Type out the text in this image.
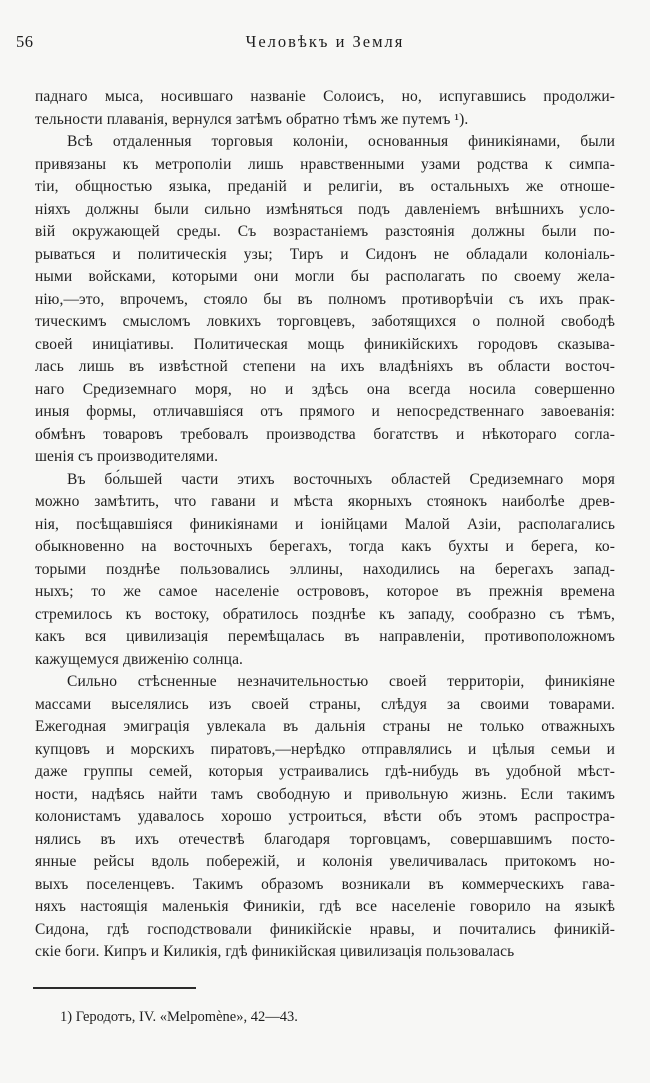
56	Человѣкъ и Земля
паднаго мыса, носившаго названіе Солоисъ, но, испугавшись продолжи-
тельности плаванія, вернулся затѣмъ обратно тѣмъ же путемъ ¹).
Всѣ отдаленныя торговыя колоніи, основанныя финикіянами, были
привязаны къ метрополіи лишь нравственными узами родства к симпа-
тіи, общностью языка, преданій и религіи, въ остальныхъ же отноше-
ніяхъ должны были сильно измѣняться подъ давленіемъ внѣшнихъ усло-
вій окружающей среды. Съ возрастаніемъ разстоянія должны были по-
рываться и политическія узы; Тиръ и Сидонъ не обладали колоніаль-
ными войсками, которыми они могли бы располагать по своему жела-
нію,—это, впрочемъ, стояло бы въ полномъ противорѣчіи съ ихъ прак-
тическимъ смысломъ ловкихъ торговцевъ, заботящихся о полной свободѣ
своей иниціативы. Политическая мощь финикійскихъ городовъ сказыва-
лась лишь въ извѣстной степени на ихъ владѣніяхъ въ области восточ-
наго Средиземнаго моря, но и здѣсь она всегда носила совершенно
иныя формы, отличавшіяся отъ прямого и непосредственнаго завоеванія:
обмѣнъ товаровъ требовалъ производства богатствъ и нѣкотораго согла-
шенія съ производителями.
Въ бо́льшей части этихъ восточныхъ областей Средиземнаго моря
можно замѣтить, что гавани и мѣста якорныхъ стоянокъ наиболѣе древ-
нія, посѣщавшіяся финикіянами и іонійцами Малой Азіи, располагались
обыкновенно на восточныхъ берегахъ, тогда какъ бухты и берега, ко-
торыми позднѣе пользовались эллины, находились на берегахъ запад-
ныхъ; то же самое населеніе острововъ, которое въ прежнія времена
стремилось къ востоку, обратилось позднѣе къ западу, сообразно съ тѣмъ,
какъ вся цивилизація перемѣщалась въ направленіи, противоположномъ
кажущемуся движенію солнца.
Сильно стѣсненные незначительностью своей территоріи, финикіяне
массами выселялись изъ своей страны, слѣдуя за своими товарами.
Ежегодная эмиграція увлекала въ дальнія страны не только отважныхъ
купцовъ и морскихъ пиратовъ,—нерѣдко отправлялись и цѣлыя семьи и
даже группы семей, которыя устраивались гдѣ-нибудь въ удобной мѣст-
ности, надѣясь найти тамъ свободную и привольную жизнь. Если такимъ
колонистамъ удавалось хорошо устроиться, вѣсти объ этомъ распростра-
нялись въ ихъ отечествѣ благодаря торговцамъ, совершавшимъ посто-
янные рейсы вдоль побережій, и колонія увеличивалась притокомъ но-
выхъ поселенцевъ. Такимъ образомъ возникали въ коммерческихъ гава-
няхъ настоящія маленькія Финикіи, гдѣ все населеніе говорило на языкѣ
Сидона, гдѣ господствовали финикійскіе нравы, и почитались финикій-
скіе боги. Кипръ и Киликія, гдѣ финикійская цивилизація пользовалась
1) Геродотъ, IV. «Melpomène», 42—43.
